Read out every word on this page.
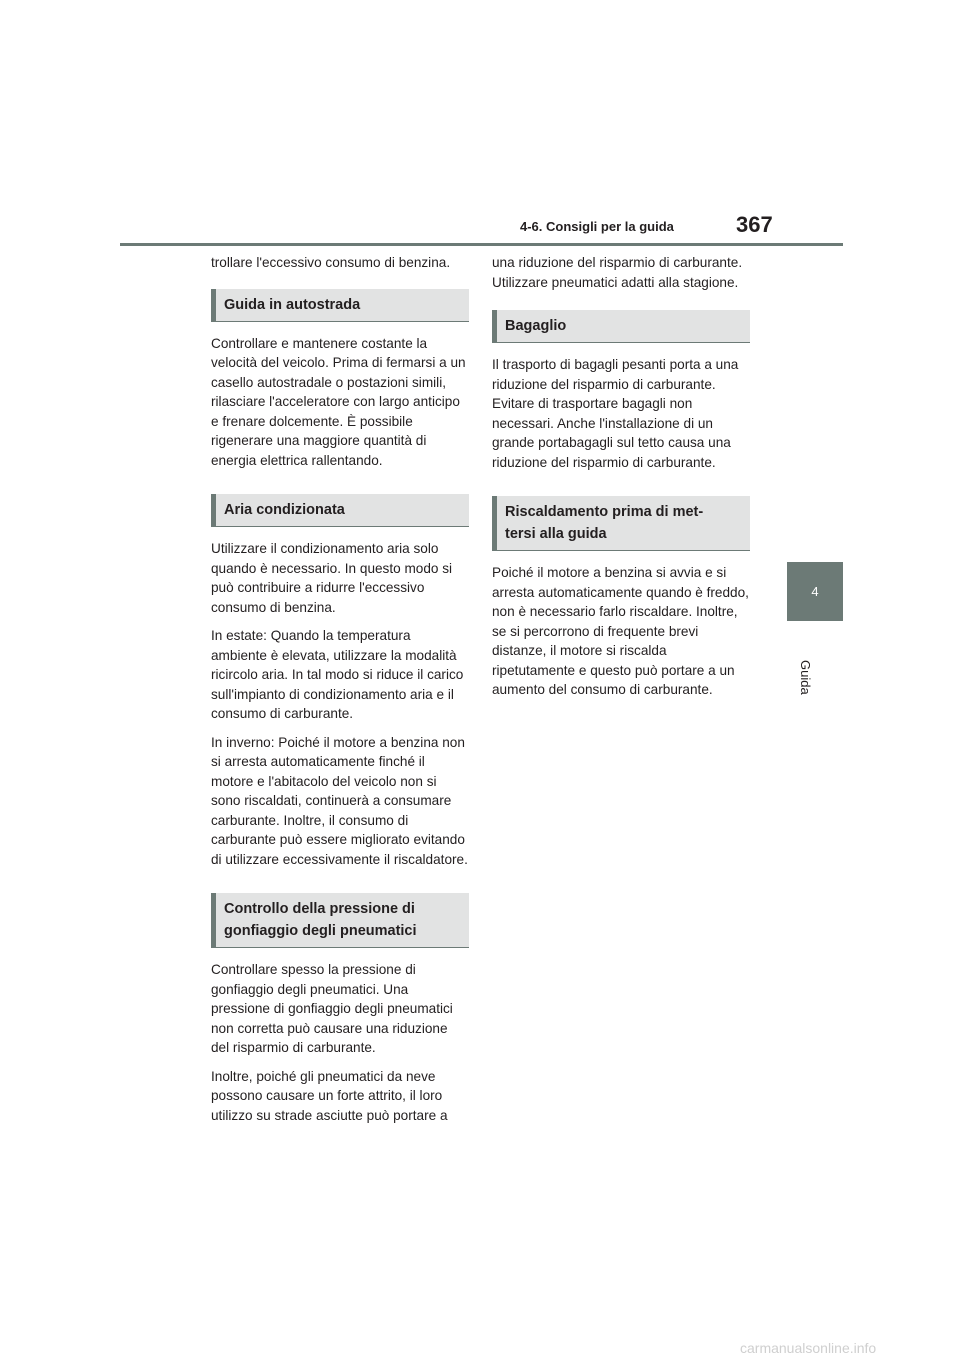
4-6. Consigli per la guida	367
4
Guida

trollare l'eccessivo consumo di benzina.

Guida in autostrada

Controllare e mantenere costante la velocità del veicolo. Prima di fermarsi a un casello autostradale o postazioni simili, rilasciare l'acceleratore con largo anticipo e frenare dolcemente. È possibile rigenerare una maggiore quantità di energia elettrica rallentando.

Aria condizionata

Utilizzare il condizionamento aria solo quando è necessario. In questo modo si può contribuire a ridurre l'eccessivo consumo di benzina.

In estate: Quando la temperatura ambiente è elevata, utilizzare la modalità ricircolo aria. In tal modo si riduce il carico sull'impianto di condizionamento aria e il consumo di carburante.

In inverno: Poiché il motore a benzina non si arresta automaticamente finché il motore e l'abitacolo del veicolo non si sono riscaldati, continuerà a consumare carburante. Inoltre, il consumo di carburante può essere migliorato evitando di utilizzare eccessivamente il riscaldatore.

Controllo della pressione di
gonfiaggio degli pneumatici

Controllare spesso la pressione di gonfiaggio degli pneumatici. Una pressione di gonfiaggio degli pneumatici non corretta può causare una riduzione del risparmio di carburante.

Inoltre, poiché gli pneumatici da neve possono causare un forte attrito, il loro utilizzo su strade asciutte può portare a

una riduzione del risparmio di carburante. Utilizzare pneumatici adatti alla stagione.

Bagaglio

Il trasporto di bagagli pesanti porta a una riduzione del risparmio di carburante. Evitare di trasportare bagagli non necessari. Anche l'installazione di un grande portabagagli sul tetto causa una riduzione del risparmio di carburante.

Riscaldamento prima di met-
tersi alla guida

Poiché il motore a benzina si avvia e si arresta automaticamente quando è freddo, non è necessario farlo riscaldare. Inoltre, se si percorrono di frequente brevi distanze, il motore si riscalda ripetutamente e questo può portare a un aumento del consumo di carburante.

carmanualsonline.info
